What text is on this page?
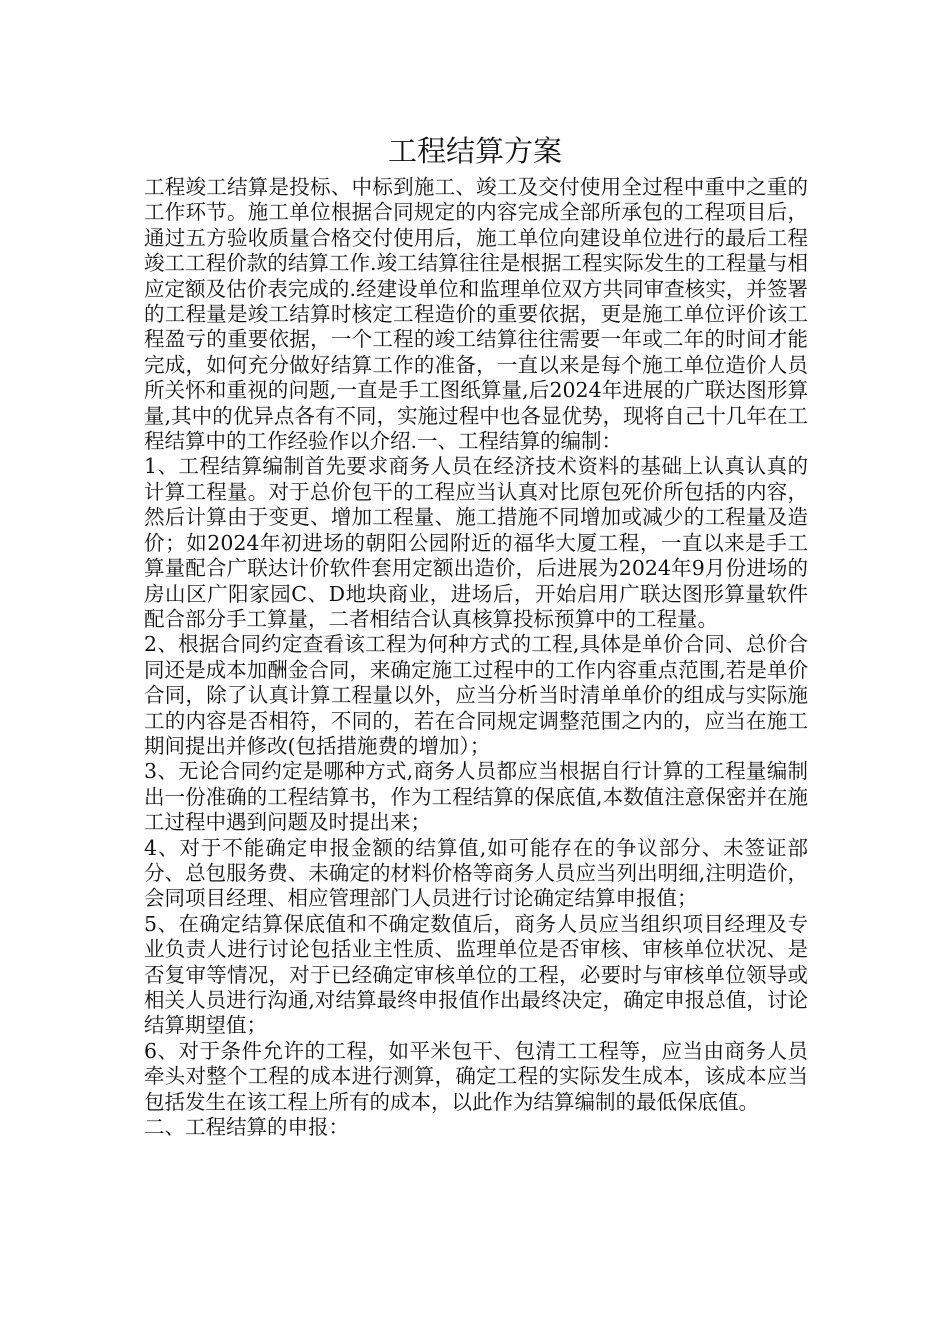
工程结算方案

工程竣工结算是投标、中标到施工、竣工及交付使用全过程中重中之重的工作环节。施工单位根据合同规定的内容完成全部所承包的工程项目后，通过五方验收质量合格交付使用后，施工单位向建设单位进行的最后工程竣工工程价款的结算工作.竣工结算往往是根据工程实际发生的工程量与相应定额及估价表完成的.经建设单位和监理单位双方共同审查核实，并签署的工程量是竣工结算时核定工程造价的重要依据，更是施工单位评价该工程盈亏的重要依据，一个工程的竣工结算往往需要一年或二年的时间才能完成，如何充分做好结算工作的准备，一直以来是每个施工单位造价人员所关怀和重视的问题,一直是手工图纸算量,后2024年进展的广联达图形算量,其中的优异点各有不同，实施过程中也各显优势，现将自己十几年在工程结算中的工作经验作以介绍.一、工程结算的编制：

1、工程结算编制首先要求商务人员在经济技术资料的基础上认真认真的计算工程量。对于总价包干的工程应当认真对比原包死价所包括的内容，然后计算由于变更、增加工程量、施工措施不同增加或减少的工程量及造价；如2024年初进场的朝阳公园附近的福华大厦工程，一直以来是手工算量配合广联达计价软件套用定额出造价，后进展为2024年9月份进场的房山区广阳家园C、D地块商业，进场后，开始启用广联达图形算量软件配合部分手工算量，二者相结合认真核算投标预算中的工程量。

2、根据合同约定查看该工程为何种方式的工程,具体是单价合同、总价合同还是成本加酬金合同，来确定施工过程中的工作内容重点范围,若是单价合同，除了认真计算工程量以外，应当分析当时清单单价的组成与实际施工的内容是否相符，不同的，若在合同规定调整范围之内的，应当在施工期间提出并修改(包括措施费的增加）；

3、无论合同约定是哪种方式,商务人员都应当根据自行计算的工程量编制出一份准确的工程结算书，作为工程结算的保底值,本数值注意保密并在施工过程中遇到问题及时提出来；

4、对于不能确定申报金额的结算值,如可能存在的争议部分、未签证部分、总包服务费、未确定的材料价格等商务人员应当列出明细,注明造价，会同项目经理、相应管理部门人员进行讨论确定结算申报值；

5、在确定结算保底值和不确定数值后，商务人员应当组织项目经理及专业负责人进行讨论包括业主性质、监理单位是否审核、审核单位状况、是否复审等情况，对于已经确定审核单位的工程，必要时与审核单位领导或相关人员进行沟通,对结算最终申报值作出最终决定，确定申报总值，讨论结算期望值；

6、对于条件允许的工程，如平米包干、包清工工程等，应当由商务人员牵头对整个工程的成本进行测算，确定工程的实际发生成本，该成本应当包括发生在该工程上所有的成本，以此作为结算编制的最低保底值。

二、工程结算的申报：
